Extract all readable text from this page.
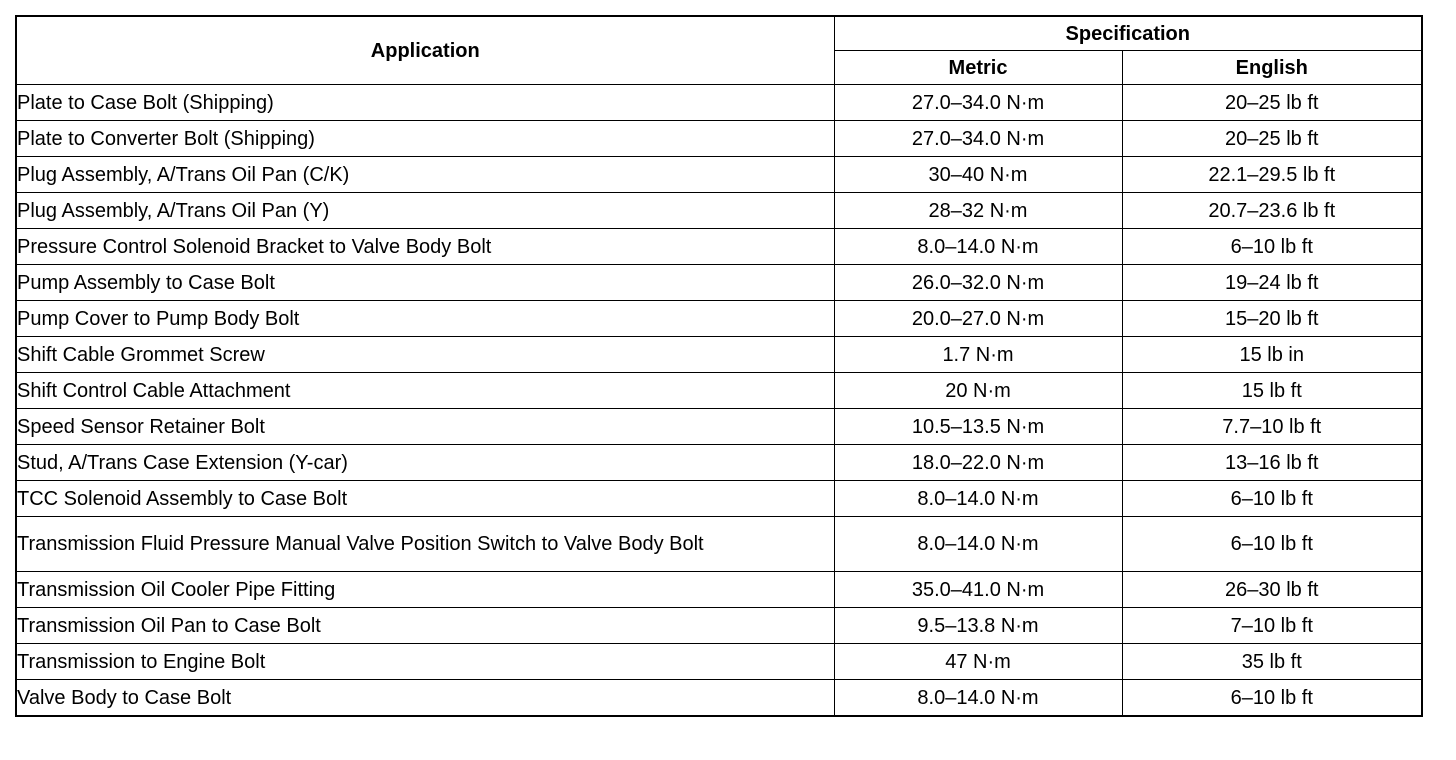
Application	Specification	
	Metric	English
Plate to Case Bolt (Shipping)	27.0–34.0 N·m	20–25 lb ft
Plate to Converter Bolt (Shipping)	27.0–34.0 N·m	20–25 lb ft
Plug Assembly, A/Trans Oil Pan (C/K)	30–40 N·m	22.1–29.5 lb ft
Plug Assembly, A/Trans Oil Pan (Y)	28–32 N·m	20.7–23.6 lb ft
Pressure Control Solenoid Bracket to Valve Body Bolt	8.0–14.0 N·m	6–10 lb ft
Pump Assembly to Case Bolt	26.0–32.0 N·m	19–24 lb ft
Pump Cover to Pump Body Bolt	20.0–27.0 N·m	15–20 lb ft
Shift Cable Grommet Screw	1.7 N·m	15 lb in
Shift Control Cable Attachment	20 N·m	15 lb ft
Speed Sensor Retainer Bolt	10.5–13.5 N·m	7.7–10 lb ft
Stud, A/Trans Case Extension (Y-car)	18.0–22.0 N·m	13–16 lb ft
TCC Solenoid Assembly to Case Bolt	8.0–14.0 N·m	6–10 lb ft

Transmission Fluid Pressure Manual Valve Position Switch to Valve Body Bolt	8.0–14.0 N·m	6–10 lb ft
Transmission Oil Cooler Pipe Fitting	35.0–41.0 N·m	26–30 lb ft
Transmission Oil Pan to Case Bolt	9.5–13.8 N·m	7–10 lb ft
Transmission to Engine Bolt	47 N·m	35 lb ft
Valve Body to Case Bolt	8.0–14.0 N·m	6–10 lb ft
